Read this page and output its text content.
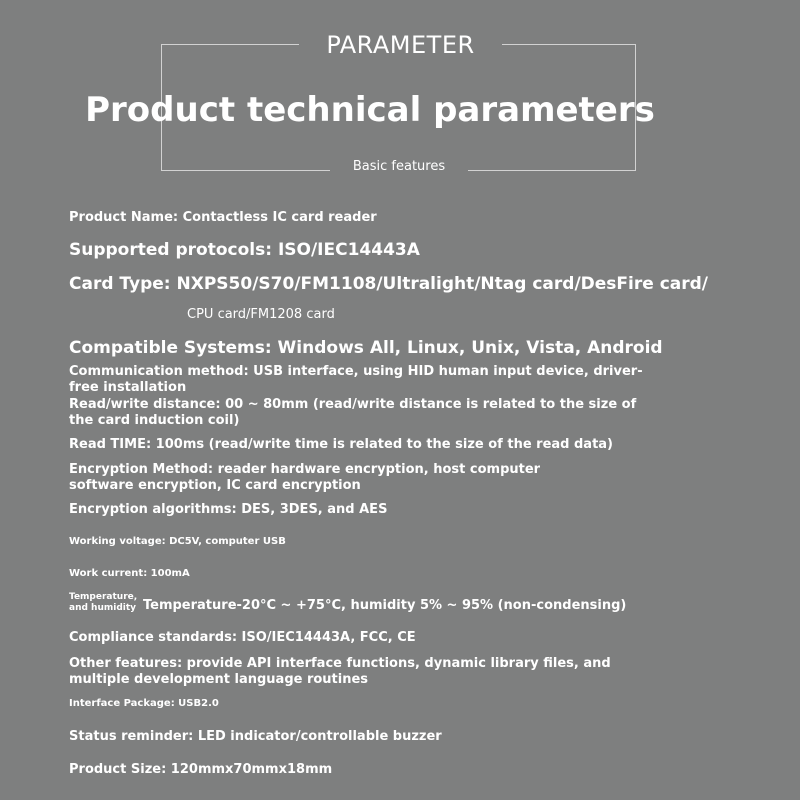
PARAMETER
Product technical parameters
Basic features
Product Name: Contactless IC card reader
Supported protocols: ISO/IEC14443A
Card Type: NXPS50/S70/FM1108/Ultralight/Ntag card/DesFire card/
CPU card/FM1208 card
Compatible Systems: Windows All, Linux, Unix, Vista, Android
Communication method: USB interface, using HID human input device, driver-free installation
Read/write distance: 00 ~ 80mm (read/write distance is related to the size of the card induction coil)
Read TIME: 100ms (read/write time is related to the size of the read data)
Encryption Method: reader hardware encryption, host computer software encryption, IC card encryption
Encryption algorithms: DES, 3DES, and AES
Working voltage: DC5V, computer USB
Work current: 100mA
Temperature,
and humidity Temperature-20°C ~ +75°C, humidity 5% ~ 95% (non-condensing)
Compliance standards: ISO/IEC14443A, FCC, CE
Other features: provide API interface functions, dynamic library files, and multiple development language routines
Interface Package: USB2.0
Status reminder: LED indicator/controllable buzzer
Product Size: 120mmx70mmx18mm
